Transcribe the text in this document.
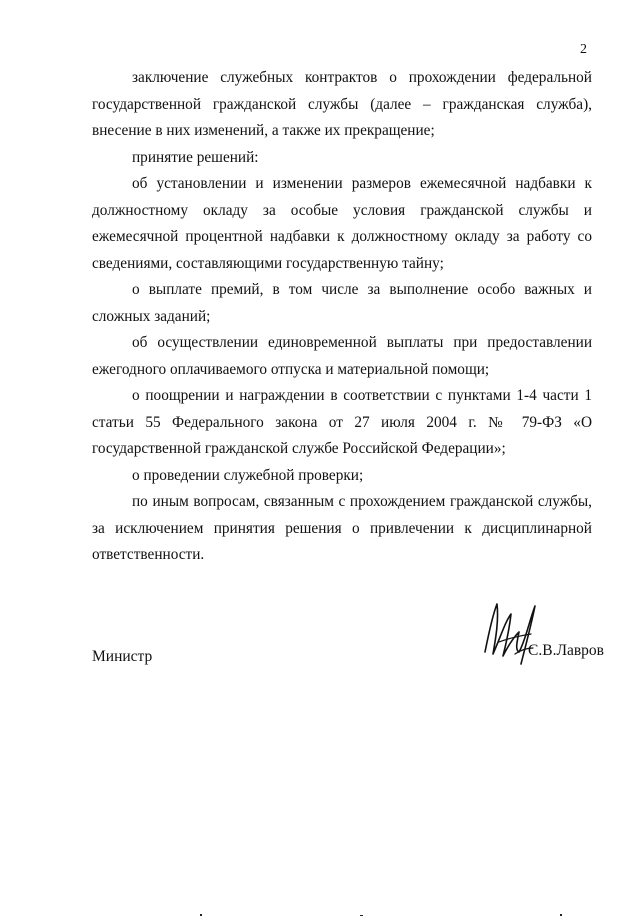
2

заключение служебных контрактов о прохождении федеральной государственной гражданской службы (далее – гражданская служба), внесение в них изменений, а также их прекращение;

принятие решений:

об установлении и изменении размеров ежемесячной надбавки к должностному окладу за особые условия гражданской службы и ежемесячной процентной надбавки к должностному окладу за работу со сведениями, составляющими государственную тайну;

о выплате премий, в том числе за выполнение особо важных и сложных заданий;

об осуществлении единовременной выплаты при предоставлении ежегодного оплачиваемого отпуска и материальной помощи;

о поощрении и награждении в соответствии с пунктами 1-4 части 1 статьи 55 Федерального закона от 27 июля 2004 г. № 79-ФЗ «О государственной гражданской службе Российской Федерации»;

о проведении служебной проверки;

по иным вопросам, связанным с прохождением гражданской службы, за исключением принятия решения о привлечении к дисциплинарной ответственности.

Министр	С.В.Лавров
